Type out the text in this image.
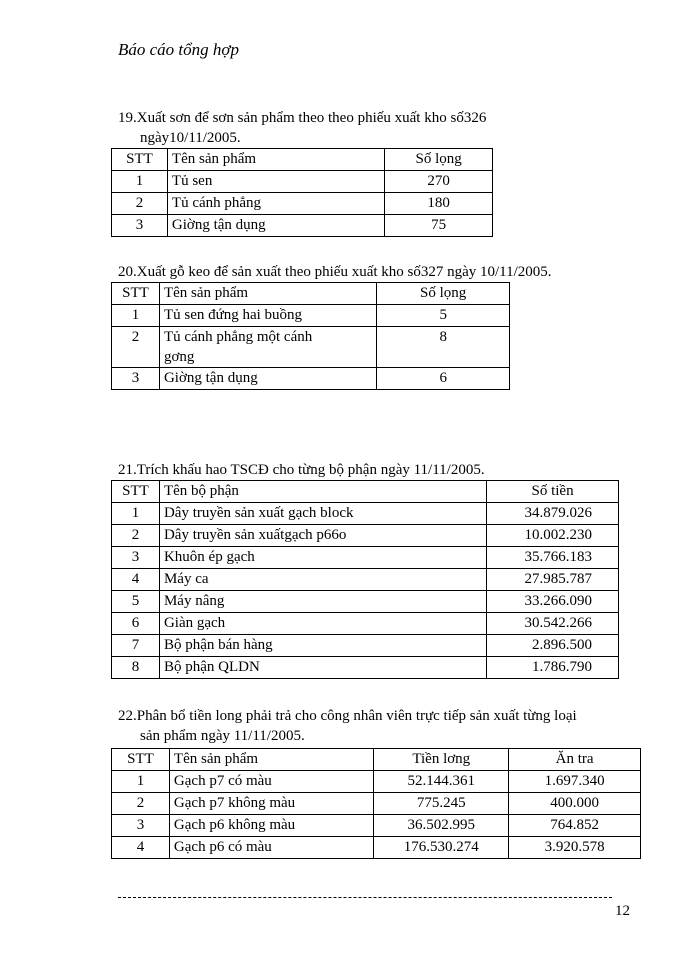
Báo cáo tổng hợp
19.Xuất sơn để sơn sản phẩm theo theo phiếu xuất kho số326
ngày10/11/2005.
STT	Tên sản phẩm	Số lọng
1	Tủ sen	270
2	Tủ cánh phẳng	180
3	Giờng tận dụng	75
20.Xuất gỗ keo để sản xuất theo phiếu xuất kho số327 ngày 10/11/2005.
STT	Tên sản phẩm	Số lọng
1	Tủ sen đứng hai buồng	5
2	Tủ cánh phẳng một cánh gơng	8
3	Giờng tận dụng	6
21.Trích khấu hao TSCĐ cho từng bộ phận ngày 11/11/2005.
STT	Tên bộ phận	Số tiền
1	Dây truyền sản xuất gạch block	34.879.026
2	Dây truyền sản xuấtgạch p66o	10.002.230
3	Khuôn ép gạch	35.766.183
4	Máy ca	27.985.787
5	Máy nâng	33.266.090
6	Giàn gạch	30.542.266
7	Bộ phận bán hàng	2.896.500
8	Bộ phận QLDN	1.786.790
22.Phân bổ tiền long phải trả cho công nhân viên trực tiếp sản xuất từng loại
sản phẩm ngày 11/11/2005.
STT	Tên sản phẩm	Tiền lơng	Ăn tra
1	Gạch p7 có màu	52.144.361	1.697.340
2	Gạch p7 không màu	775.245	400.000
3	Gạch p6 không màu	36.502.995	764.852
4	Gạch p6 có màu	176.530.274	3.920.578
12
